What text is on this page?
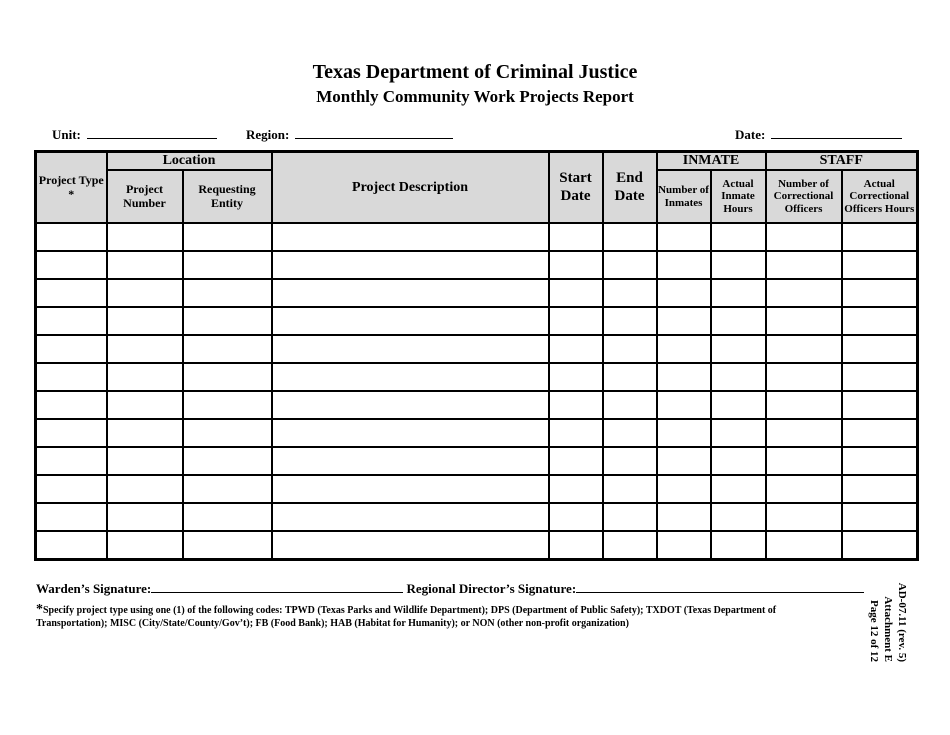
Texas Department of Criminal Justice
Monthly Community Work Projects Report
Unit:	Region:	Date:
Project Type *	Location		Project Description	Start Date	End Date	INMATE		STAFF	
	Project Number	Requesting Entity				Number of Inmates	Actual Inmate Hours	Number of Correctional Officers	Actual Correctional Officers Hours

Warden’s Signature:	Regional Director’s Signature:
*Specify project type using one (1) of the following codes: TPWD (Texas Parks and Wildlife Department); DPS (Department of Public Safety); TXDOT (Texas Department of Transportation); MISC (City/State/County/Gov’t); FB (Food Bank); HAB (Habitat for Humanity); or NON (other non-profit organization)	AD-07.11 (rev. 5)
Attachment E
Page 12 of 12
